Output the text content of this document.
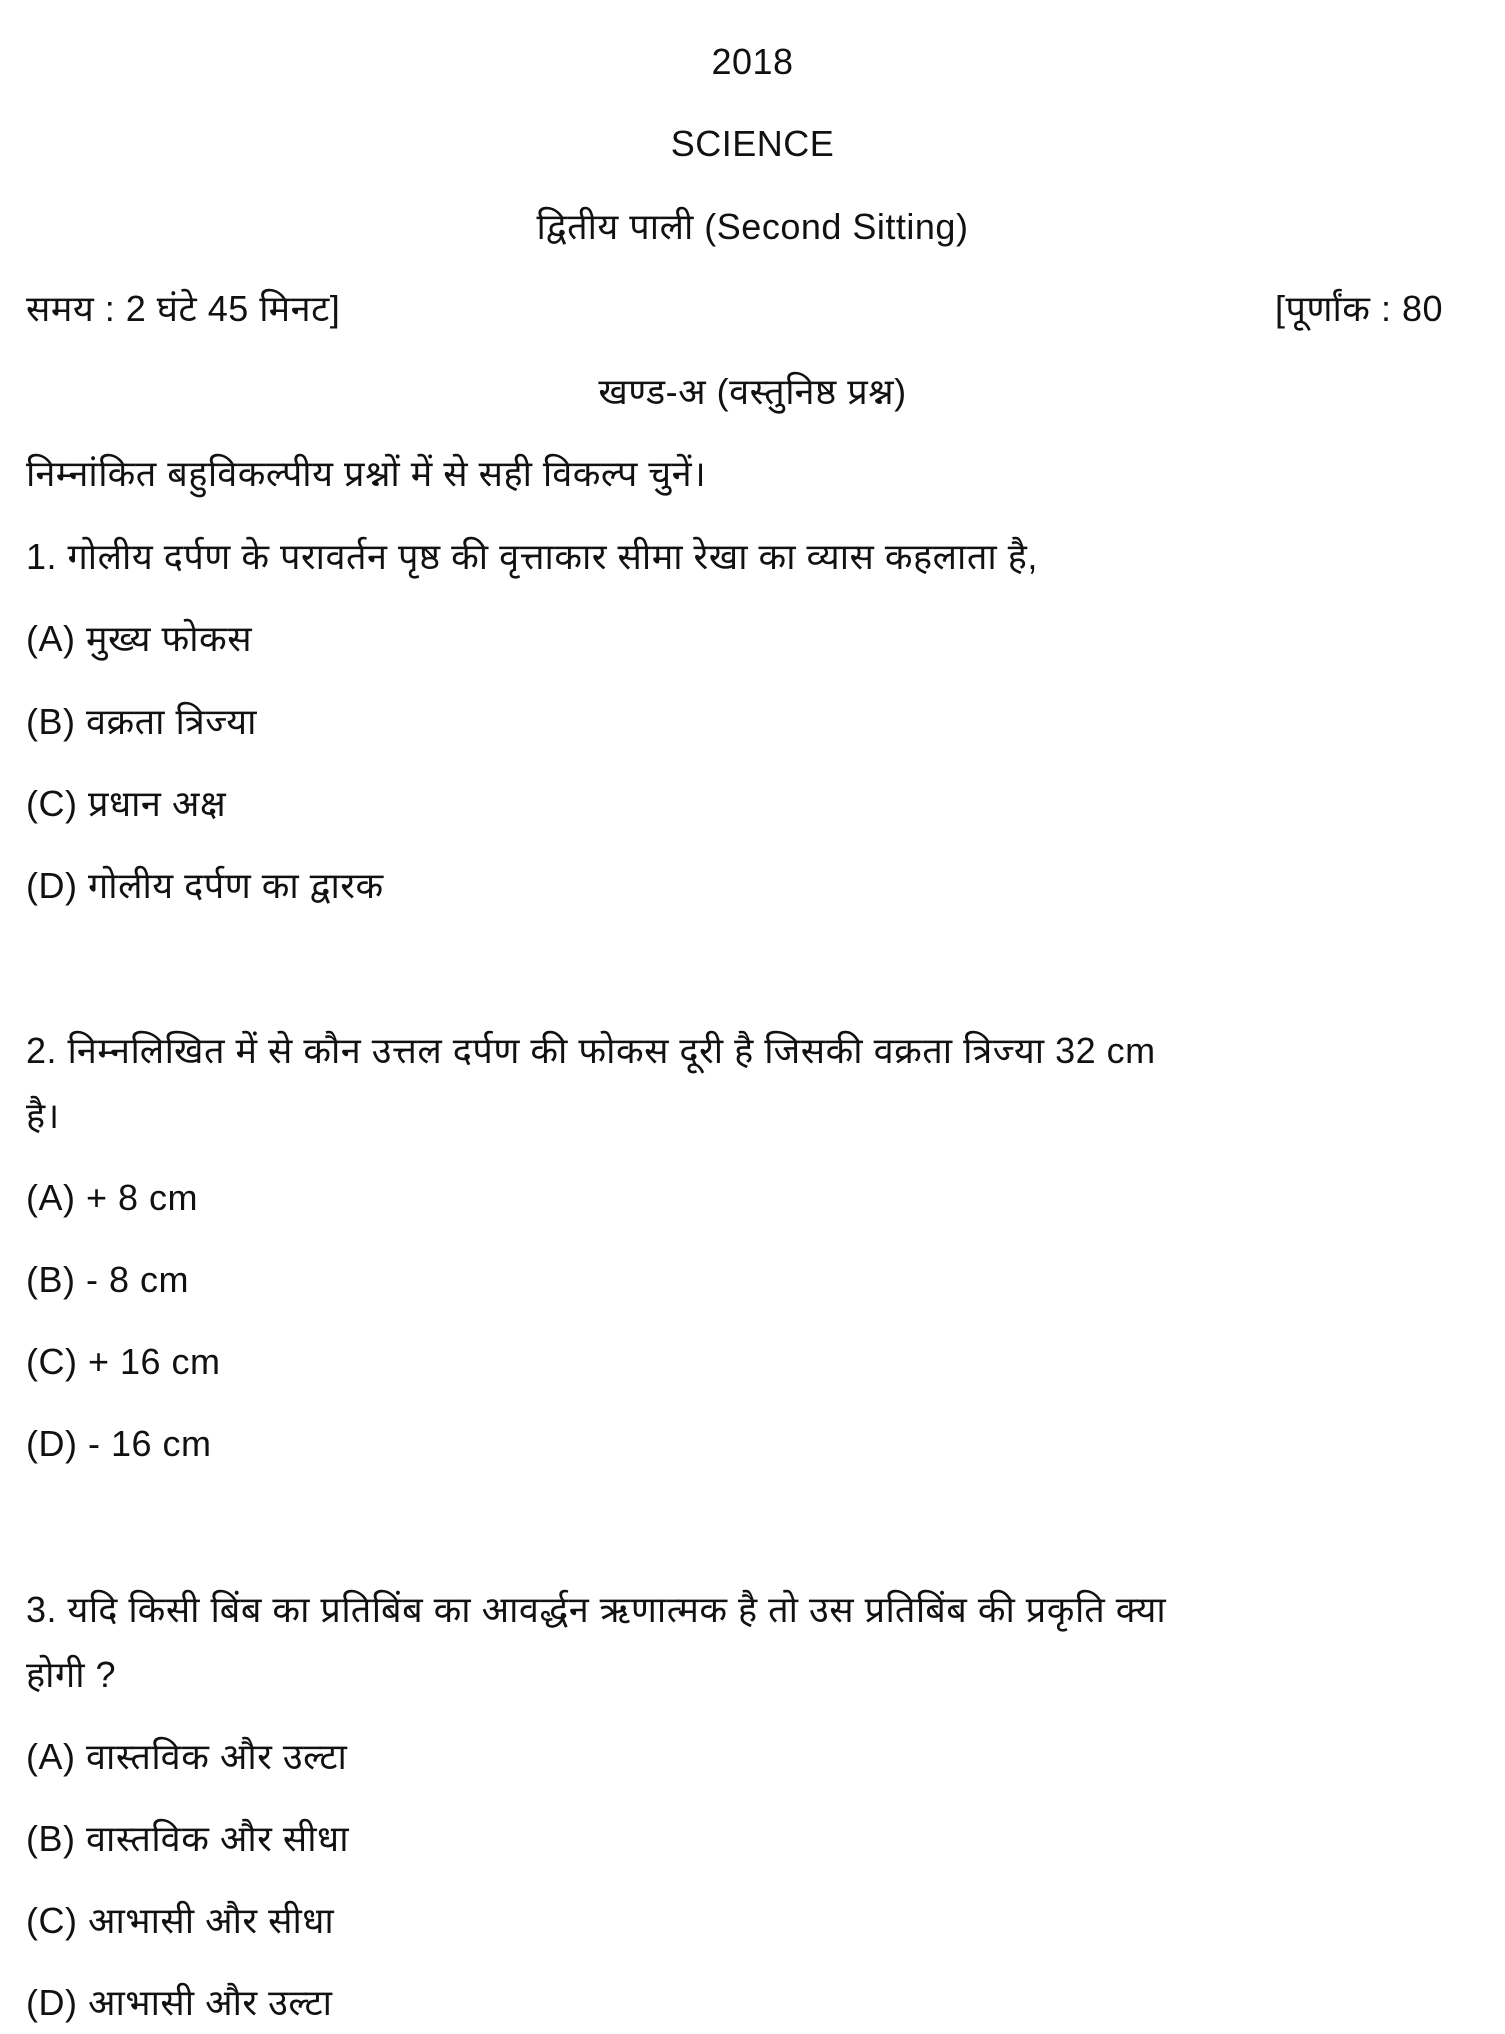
2018
SCIENCE
द्वितीय पाली (Second Sitting)
समय : 2 घंटे 45 मिनट]	[पूर्णांक : 80
खण्ड-अ (वस्तुनिष्ठ प्रश्न)
निम्नांकित बहुविकल्पीय प्रश्नों में से सही विकल्प चुनें।
1. गोलीय दर्पण के परावर्तन पृष्ठ की वृत्ताकार सीमा रेखा का व्यास कहलाता है,
(A) मुख्य फोकस
(B) वक्रता त्रिज्या
(C) प्रधान अक्ष
(D) गोलीय दर्पण का द्वारक
2. निम्नलिखित में से कौन उत्तल दर्पण की फोकस दूरी है जिसकी वक्रता त्रिज्या 32 cm
है।
(A) + 8 cm
(B) - 8 cm
(C) + 16 cm
(D) - 16 cm
3. यदि किसी बिंब का प्रतिबिंब का आवर्द्धन ऋणात्मक है तो उस प्रतिबिंब की प्रकृति क्या
होगी ?
(A) वास्तविक और उल्टा
(B) वास्तविक और सीधा
(C) आभासी और सीधा
(D) आभासी और उल्टा
